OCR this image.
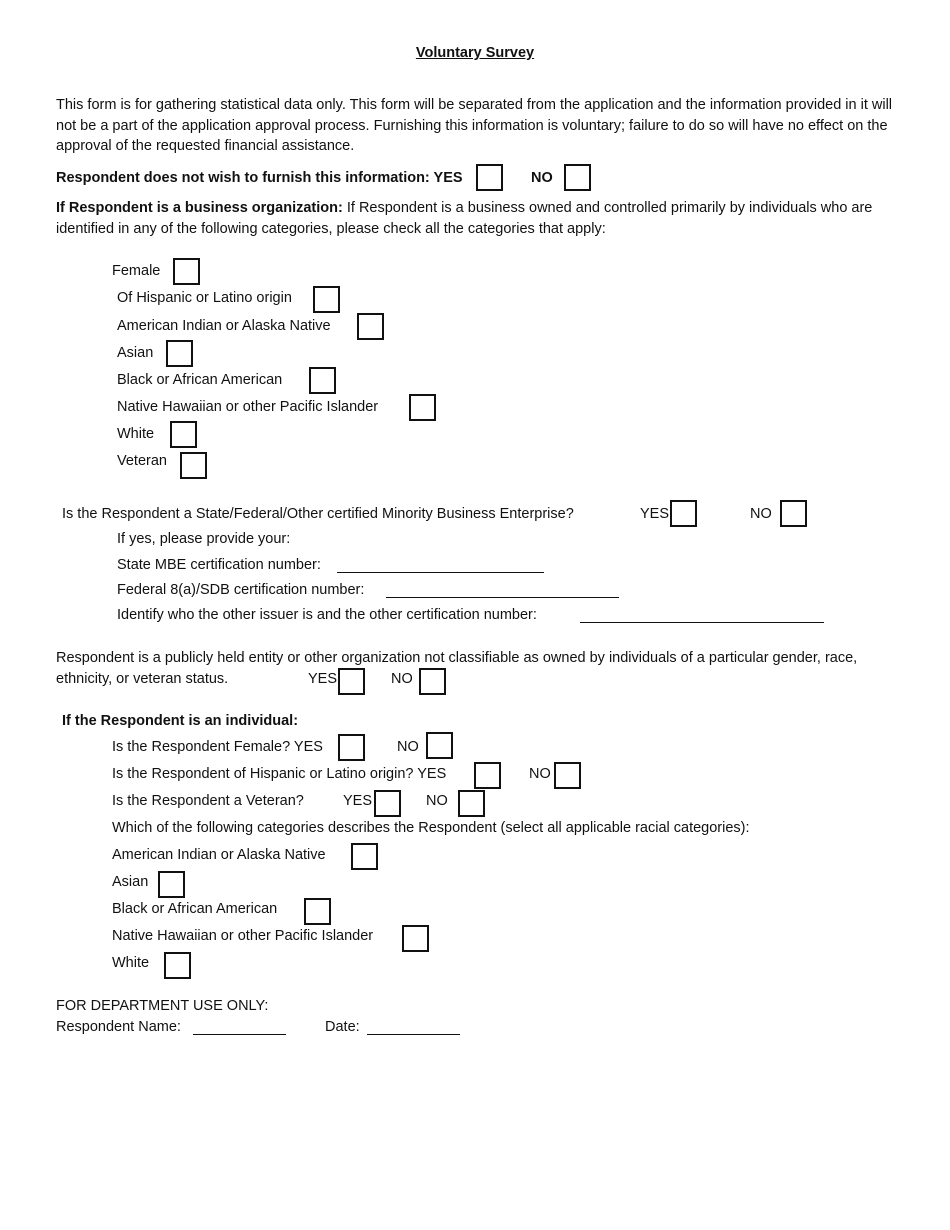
Voluntary Survey
This form is for gathering statistical data only. This form will be separated from the application and the information provided in it will not be a part of the application approval process. Furnishing this information is voluntary; failure to do so will have no effect on the approval of the requested financial assistance.
Respondent does not wish to furnish this information: YES	NO
If Respondent is a business organization: If Respondent is a business owned and controlled primarily by individuals who are identified in any of the following categories, please check all the categories that apply:
Female
Of Hispanic or Latino origin
American Indian or Alaska Native
Asian
Black or African American
Native Hawaiian or other Pacific Islander
White
Veteran
Is the Respondent a State/Federal/Other certified Minority Business Enterprise?	YES	NO
If yes, please provide your:
State MBE certification number:
Federal 8(a)/SDB certification number:
Identify who the other issuer is and the other certification number:
Respondent is a publicly held entity or other organization not classifiable as owned by individuals of a particular gender, race, ethnicity, or veteran status.	YES	NO
If the Respondent is an individual:
Is the Respondent Female? YES	NO
Is the Respondent of Hispanic or Latino origin? YES	NO
Is the Respondent a Veteran?	YES	NO
Which of the following categories describes the Respondent (select all applicable racial categories):
American Indian or Alaska Native
Asian
Black or African American
Native Hawaiian or other Pacific Islander
White
FOR DEPARTMENT USE ONLY:
Respondent Name:	Date:
